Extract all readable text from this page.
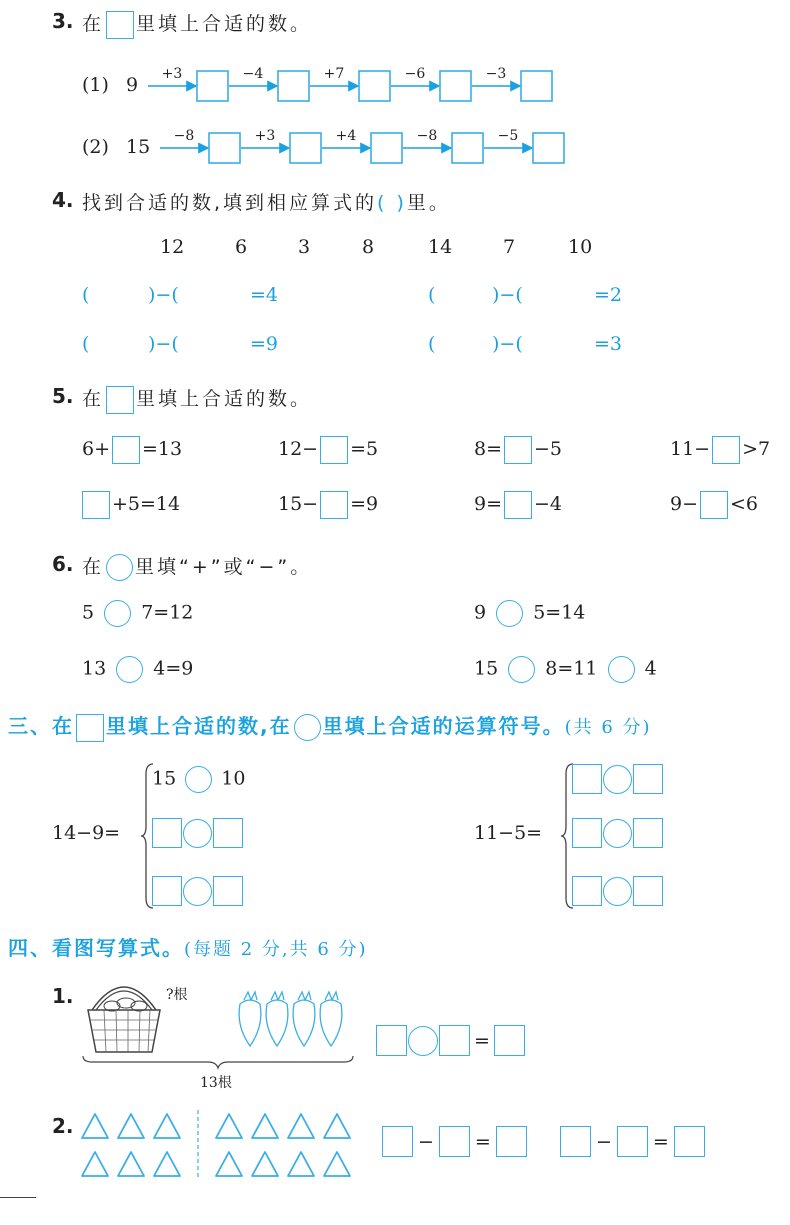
3. 在 里填上合适的数。
(1) 9
(2) 15
+3	−4	+7	−6	−3
−8	+3	+4	−8	−5
4. 找到合适的数,填到相应算式的( )里。
12	6	3	8	14	7	10
(	)−(	=4	(	)−(	=2
(	)−(	=9	(	)−(	=3
5. 在 里填上合适的数。
6+ =13	12− =5	8= −5	11− >7
+5=14	15− =9	9= −4	9− <6
6. 在 里填“+”或“−”。
5 7=12	9 5=14
13 4=9	15 8=11 4
三、在 里填上合适的数,在 里填上合适的运算符号。(共 6 分)
14−9=
15 10
11−5=
四、看图写算式。(每题 2 分,共 6 分)
1.	?根
13根
=
2.
− =	− =
